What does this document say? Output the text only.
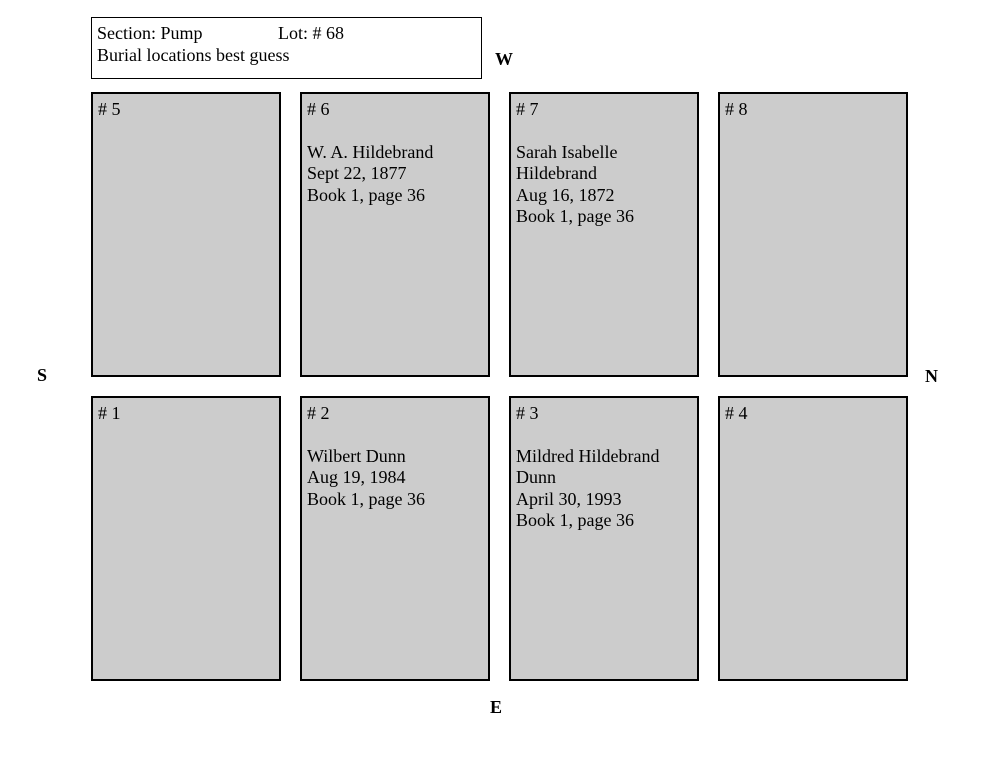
Section: Pump	Lot: # 68
Burial locations best guess	W
E
S	N
# 5	# 6
W. A. Hildebrand
Sept 22, 1877
Book 1, page 36
# 7
Sarah Isabelle
Hildebrand
Aug 16, 1872
Book 1, page 36
# 8
# 1	# 2
Wilbert Dunn
Aug 19, 1984
Book 1, page 36
# 3
Mildred Hildebrand
Dunn
April 30, 1993
Book 1, page 36
# 4
